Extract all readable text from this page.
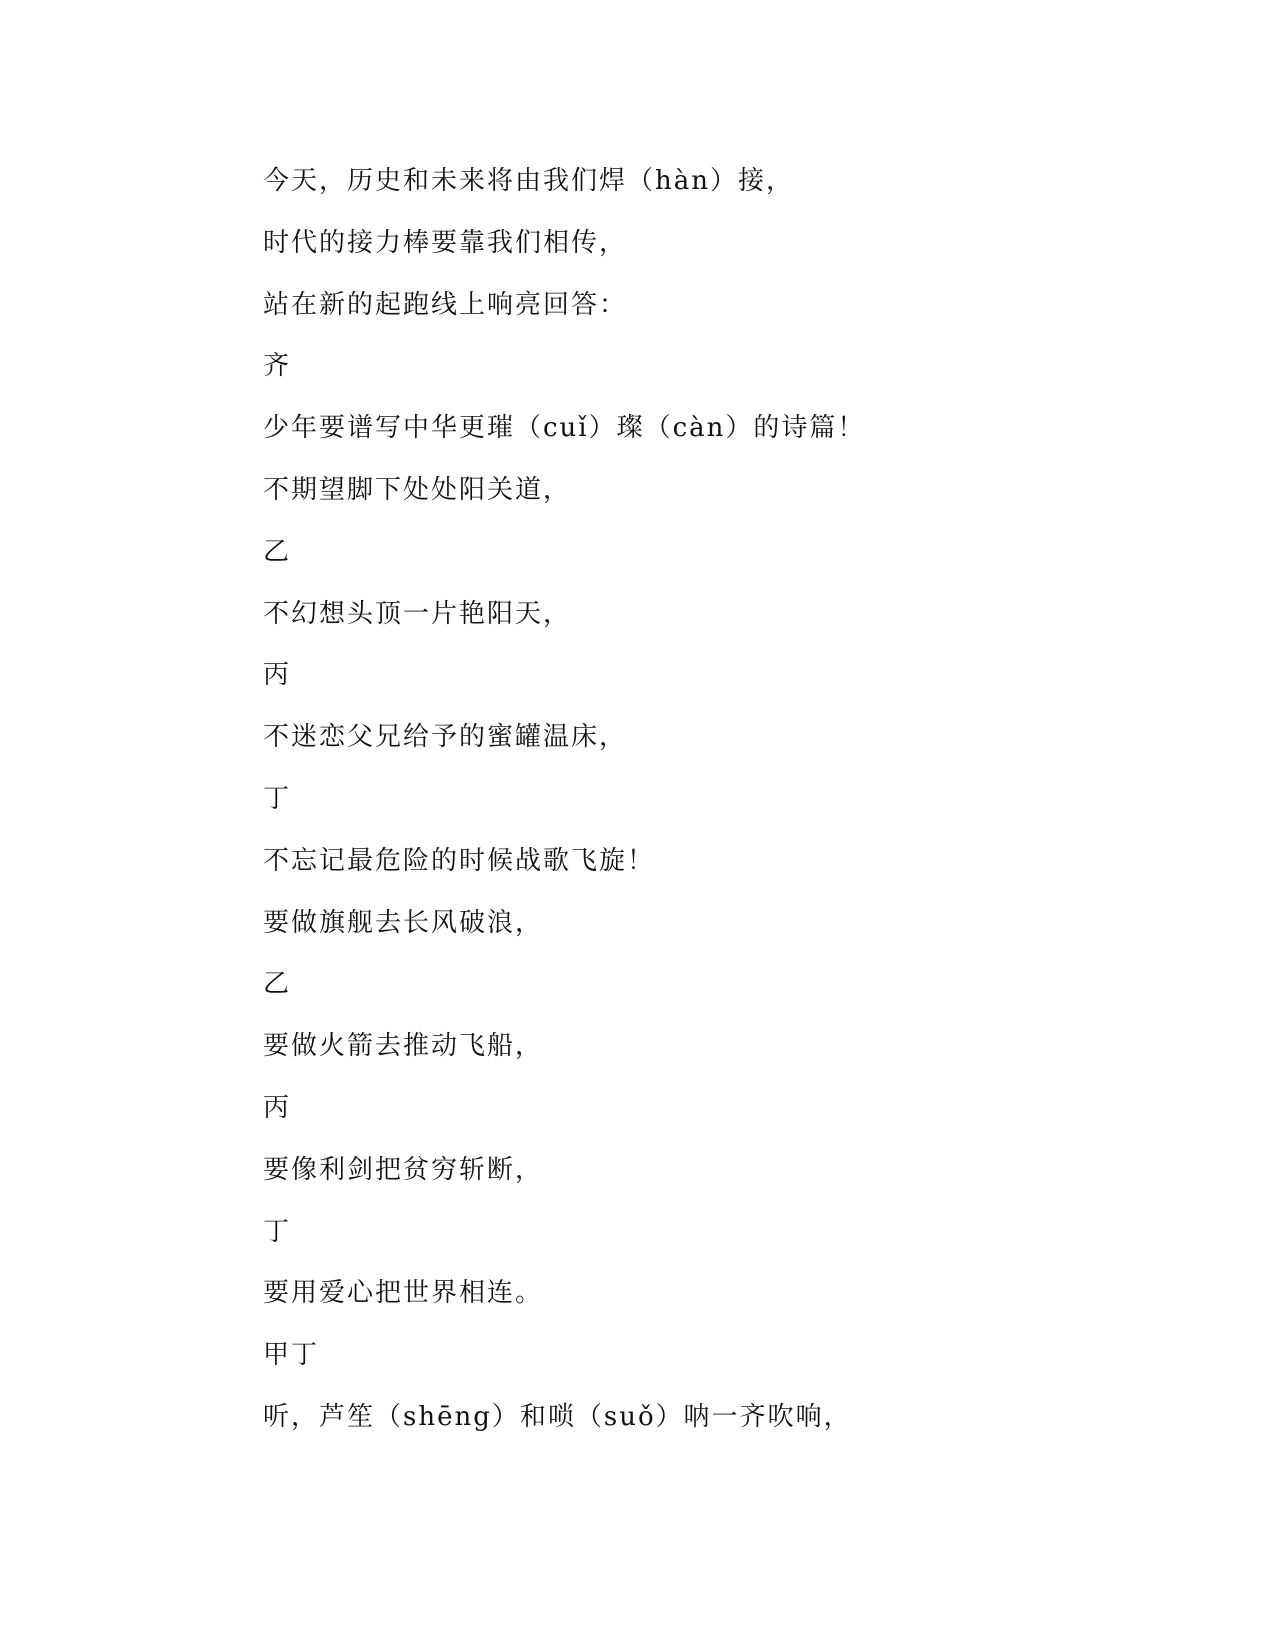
今天，历史和未来将由我们焊（hàn）接，
时代的接力棒要靠我们相传，
站在新的起跑线上响亮回答：
齐
少年要谱写中华更璀（cuǐ）璨（càn）的诗篇！
不期望脚下处处阳关道，
乙
不幻想头顶一片艳阳天，
丙
不迷恋父兄给予的蜜罐温床，
丁
不忘记最危险的时候战歌飞旋！
要做旗舰去长风破浪，
乙
要做火箭去推动飞船，
丙
要像利剑把贫穷斩断，
丁
要用爱心把世界相连。
甲丁
听，芦笙（shēng）和唢（suǒ）呐一齐吹响，
